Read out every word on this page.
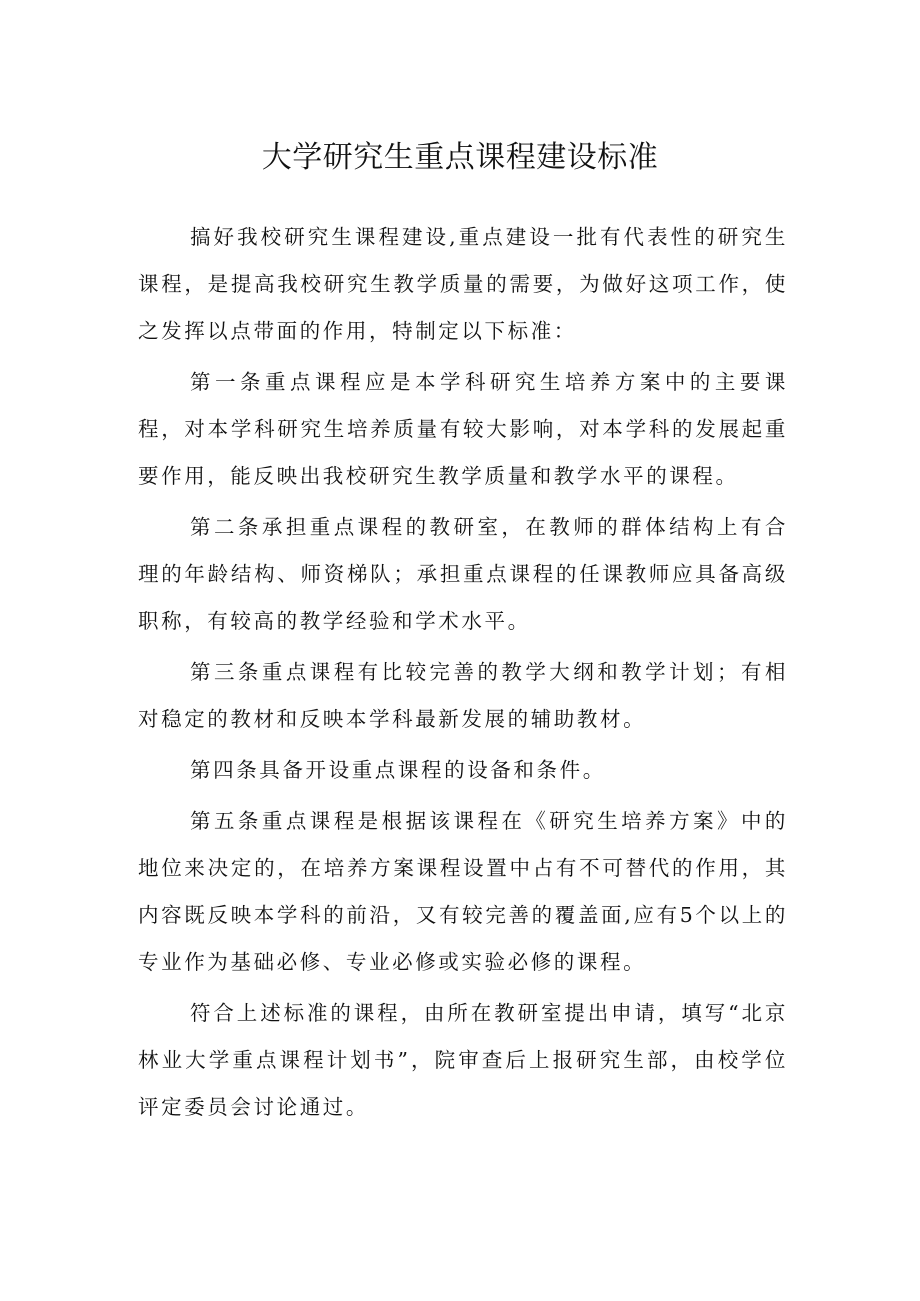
大学研究生重点课程建设标准

搞好我校研究生课程建设,重点建设一批有代表性的研究生课程，是提高我校研究生教学质量的需要，为做好这项工作，使之发挥以点带面的作用，特制定以下标准：

第一条重点课程应是本学科研究生培养方案中的主要课程，对本学科研究生培养质量有较大影响，对本学科的发展起重要作用，能反映出我校研究生教学质量和教学水平的课程。

第二条承担重点课程的教研室，在教师的群体结构上有合理的年龄结构、师资梯队；承担重点课程的任课教师应具备高级职称，有较高的教学经验和学术水平。

第三条重点课程有比较完善的教学大纲和教学计划；有相对稳定的教材和反映本学科最新发展的辅助教材。

第四条具备开设重点课程的设备和条件。

第五条重点课程是根据该课程在《研究生培养方案》中的地位来决定的，在培养方案课程设置中占有不可替代的作用，其内容既反映本学科的前沿，又有较完善的覆盖面,应有5个以上的专业作为基础必修、专业必修或实验必修的课程。

符合上述标准的课程，由所在教研室提出申请，填写“北京林业大学重点课程计划书”，院审查后上报研究生部，由校学位评定委员会讨论通过。
